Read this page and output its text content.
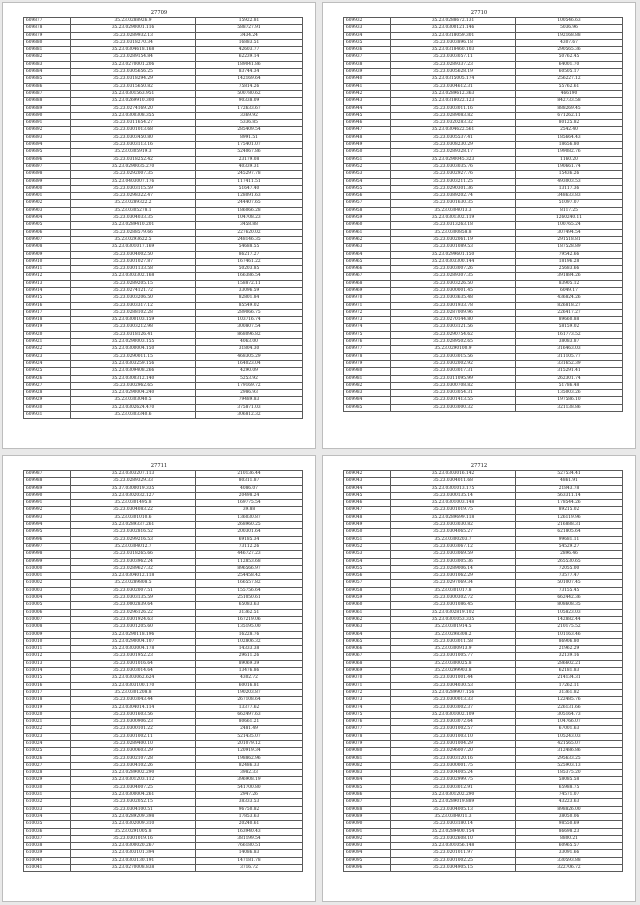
27709
609877	35.23.0288926.9	15922.81
609878	35.23.0290001.116	588727.91
609879	35.23.0289932.13	3434.24
609880	35.23.0318270.34	16883.51
609881	35.23.0304618.168	42603.77
609882	35.23.0289154.84	62239.14
609883	35.23.0270001.206	189041.86
609884	35.23.0305656.25	83744.34
609885	35.23.0318294.29	142169.64
609886	35.23.0315650.82	75814.26
609887	35.23.0301563.951	500780.62
609888	35.23.0269910.300	90338.09
609889	35.23.0274169.20	172633.67
609890	35.23.0300308.355	3369.92
609891	35.23.0311654.27	5336.85
609892	35.23.0301013.68	285409.54
609893	35.23.0303450.80	8991.51
609894	35.23.0303113.16	175401.07
609895	35.23.0305919.3	524067.86
609896	35.23.0318252.42	23179.08
609897	35.23.0290035.270	40339.31
609898	35.23.0292007.35	245297.78
609899	35.23.0403007.176	117411.51
609900	35.23.0303115.59	51647.40
609901	35.23.0298322.47	128091.63
609902	35.23.0289322.2	244407.65
609903	35.23.0305278.1	186066.28
609904	35.23.0304033.35	104708.23
609905	35.23.0289410.201	3458.88
609906	35.23.0288579.66	227620.02
609907	35.23.0293622.5	248146.35
609908	35.23.0301017.169	54688.55
609909	35.23.0304002.50	86217.27
609910	35.23.0301027.87	167461.22
609911	35.23.0301133.58	50203.85
609912	35.23.0303302.168	166386.54
609913	35.23.0289205.15	158872.11
609914	35.23.0274121.72	33096.59
609915	35.23.0303206.50	82801.84
609916	35.23.0303317.12	85549.02
609917	35.23.0288102.28	289066.75
609918	35.23.0300103.159	103716.74
609919	35.23.0303212.98	300807.54
609920	35.23.0318126.41	868096.82
609921	35.23.0290003.155	4063.00
609922	35.23.0300004.150	31804.30
609923	35.23.0290011.15	468305.29
609924	35.23.0303259.156	164023.04
609925	35.23.0309408.266	4290.09
609926	35.23.0300312.140	5253.92
609927	35.23.0302962.65	179169.72
609928	35.23.0290004.240	2986.93
609929	35.23.0303040.5	79489.83
609930	35.23.0302624.470	375871.03
609931	35.23.0303340.6	306812.32
27710
609932	35.23.0288672.131	100546.63
609933	35.23.0300121.146	5036.96
609934	35.23.0318059.301	192168.88
609935	35.23.0303896.18	4307.67
609936	35.23.0318460.103	290565.36
609937	35.23.0303057.11	50762.45
609938	35.23.0289337.23	64001.70
609939	35.23.0305628.19	60505.17
609940	35.23.0315005.174	256227.12
609941	35.23.0304612.31	55762.61
609942	35.23.0289612.363	466190
609943	35.23.0318022.123	842733.58
609944	35.23.0303011.16	888269.45
609945	35.23.0289083.82	671262.11
609946	35.23.0320283.32	80125.82
609947	35.23.0304622.561	2542.40
609948	35.23.0305537.41	185664.43
609949	35.23.0308230.29	18656.80
609950	35.23.0289328.17	199082.76
609951	35.23.0290045.323	1160.20
609952	35.23.0303035.76	190661.74
609953	35.23.0302927.76	15436.26
609954	35.23.0303211.25	493003.53
609955	35.23.0290301.36	13117.36
609956	35.23.0389202.74	348633.83
609957	35.23.0301630.35	51097.07
609958	35.23.0304013.3	8117.25
609959	35.23.0301302.119	1260240.11
609960	35.23.0313263.18	100765.24
609961	35.23.0300858.8	307494.54
609962	35.23.0302061.19	291518.81
609963	35.23.0301089.53	187528.89
609964	35.23.0299601.150	79542.66
609965	35.23.0303300.144	18196.28
609966	35.23.0303007.26	25683.66
609967	35.23.0289307.35	391884.26
609968	35.23.0303226.50	83905.12
609969	35.23.0300001.45	6049.17
609970	35.23.0303635.48	436824.26
609971	35.23.0301933.78	826818.27
609972	35.23.0287009.96	226417.27
609973	35.23.0270144.80	89660.88
609974	35.23.0303121.56	58159.02
609975	35.23.0290754.62	161773.52
609976	35.23.0289502.65	38083.87
609977	35.23.0290100.9	316463.03
609978	35.23.0303015.56	311105.77
609979	35.23.0302002.92	331652.39
609980	35.23.0303017.31	315291.41
609981	35.23.0311095.99	262301.74
609982	35.23.0300708.82	51786.48
609983	35.23.0303054.31	135003.26
609984	35.23.0301413.55	197586.10
609985	35.23.0303000.32	321138.86
27711
609987	35.23.0303207.113	210136.44
609988	35.23.0289329.33	80311.87
609989	35.37.0300019.335	4086.07
609990	35.23.0302032.127	20498.24
609991	35.23.0301495.8	169775.54
609992	35.23.0304083.22	39.88
609993	35.23.0301010.6	136030.87
609994	35.23.0289337.261	268960.25
609995	35.23.0302816.52	200301.64
609996	35.23.0299216.53	69185.34
609997	35.23.0304012.7	73112.26
609998	35.23.0318265.66	446727.23
609999	35.23.0303962.24	112853.68
610000	35.23.0289627.32	896566.97
610001	35.23.0304012.118	254458.42
610002	35.23.0289808.5	166557.82
610003	35.23.0302007.51	155756.64
610004	35.23.0303135.59	251050.61
610005	35.23.0002839.64	65083.63
610006	35.23.0296126.22	31362.51
610007	35.23.0301924.63	167219.06
610008	35.23.0301205.60	135195.00
610009	35.23.0290118.196	16228.76
610010	35.23.0290004.107	102806.32
610011	35.23.0303004.178	14333.38
610012	35.23.0301952.23	29611.26
610013	35.23.0301016.64	89069.39
610014	35.23.0303014.64	13476.86
610015	35.23.0303062.624	4302.72
610016	35.23.0303100.170	60016.81
610017	35.23.0301208.8	190203.87
610018	35.23.0303043.44	267108.64
610019	35.23.0304014.114	13377.62
610020	35.23.0301603.56	662497.63
610021	35.23.0300906.23	80661.21
610022	35.23.0300101.22	2481.49
610023	35.23.0301002.11	521435.07
610024	35.23.0289400.10	201079.12
610025	35.23.0300603.29	120919.34
610026	35.23.0302107.28	198862.96
610027	35.23.0304102.26	82486.33
610028	35.23.0289002.290	3982.33
610029	35.23.0301203.112	396908.19
610030	35.23.0304007.25	541700.80
610031	35.23.0300004.261	2947.26
610032	35.23.0302052.15	38333.53
610033	35.23.0304100.51	96750.82
610034	35.23.0289209.398	17853.63
610035	35.23.0302009.310	20240.61
610036	35.23.0291005.8	163940.43
610037	35.23.0301019.16	381199.54
610038	35.23.0300020.267	766180.51
610039	35.23.0303101.394	14086.83
610040	35.23.0303130.191	147181.78
610041	35.23.0270008.838	3716.72
27712
609042	35.23.0303016.142	527534.41
609043	35.23.0304011.68	4861.91
609044	35.23.0301013.175	21843.78
609045	35.23.0300135.14	563311.14
609046	35.23.0301003.148	178544.26
609047	35.23.0301019.75	89215.02
609048	35.23.0289699.118	126119.96
609049	35.23.0303030.82	216888.31
609050	35.23.0304065.27	621805.64
609051	35.23.0300203.7	99681.11
609052	35.23.0303067.12	54529.27
609053	35.23.0303069.59	2896.46
609054	35.23.0303005.36	265530.65
609055	35.23.0289006.14	72055.00
609056	35.23.0301062.29	73577.47
609057	35.23.0297069.34	501007.45
609058	35.23.0301017.8	73155.45
609059	35.23.0300302.72	662442.36
609060	35.23.0301086.45	808608.35
609061	35.23.0302819.102	105823.03
609062	35.23.0301053.335	142882.44
609063	35.23.0301914.5	210175.52
609064	35.23.0298308.2	101163.46
609065	35.23.0303011.58	86906.80
609066	35.23.0300913.9	21962.29
609067	35.23.0301005.77	32139.16
609068	35.23.0300025.8	286602.21
609069	35.23.0299903.8	62181.83
609070	35.23.0301001.44	214134.31
609071	35.23.0304030.53	17262.11
609072	35.23.0289907.156	31361.82
609073	35.23.0300013.33	122485.76
609074	35.23.0303002.37	226131.66
609075	35.23.0301002.109	305164.73
609076	35.23.0303072.64	104766.07
609077	35.23.0301002.57	67001.63
609078	35.23.0301003.10	105243.03
609079	35.23.0301004.29	421565.07
609080	35.23.0296007.20	312486.86
609081	35.23.0303120.16	295633.25
609082	35.23.0300001.75	525903.13
609083	35.23.0304005.24	185375.20
609084	35.23.0302999.75	58085.58
609085	35.23.0303012.91	65988.75
609086	35.23.0301202.290	74571.07
609087	35.23.0289019.889	43223.63
609088	35.23.0304005.13	898826.00
609089	35.23.0304011.3	38050.06
609090	35.23.0303180.14	98550.69
609091	35.23.0289400.154	86698.23
609092	35.23.0302608.10	8800.21
609093	35.23.0301056.148	60965.57
609094	35.23.0201011.97	33091.66
609095	35.23.0301002.25	330593.88
609096	35.23.0304905.15	322706.72
